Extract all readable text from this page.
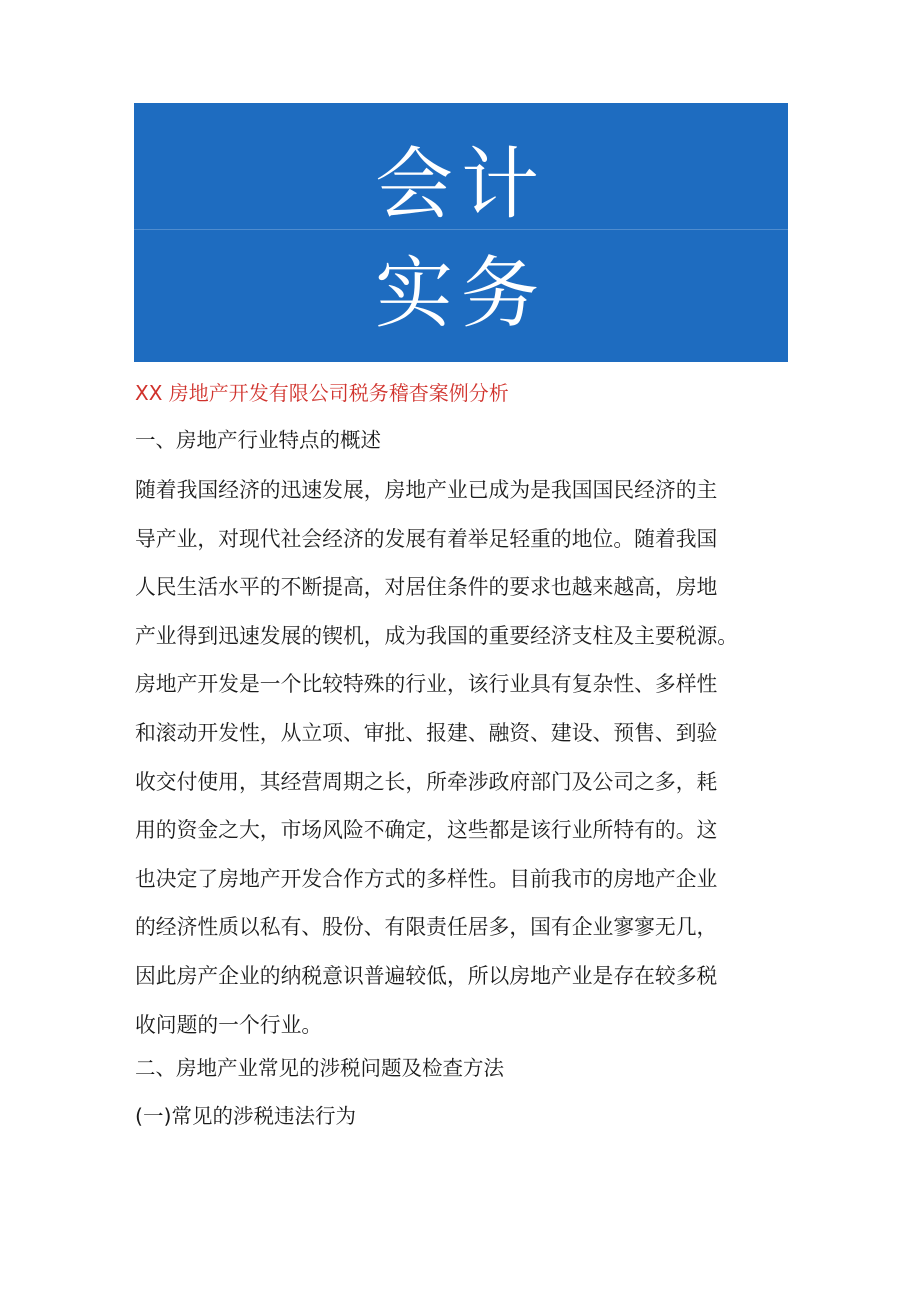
会计
实务
XX 房地产开发有限公司税务稽杳案例分析
一、房地产行业特点的概述
随着我国经济的迅速发展，房地产业已成为是我国国民经济的主
导产业，对现代社会经济的发展有着举足轻重的地位。随着我国
人民生活水平的不断提高，对居住条件的要求也越来越高，房地
产业得到迅速发展的锲机，成为我国的重要经济支柱及主要税源。
房地产开发是一个比较特殊的行业，该行业具有复杂性、多样性
和滚动开发性，从立项、审批、报建、融资、建设、预售、到验
收交付使用，其经营周期之长，所牵涉政府部门及公司之多，耗
用的资金之大，市场风险不确定，这些都是该行业所特有的。这
也决定了房地产开发合作方式的多样性。目前我市的房地产企业
的经济性质以私有、股份、有限责任居多，国有企业寥寥无几，
因此房产企业的纳税意识普遍较低，所以房地产业是存在较多税
收问题的一个行业。
二、房地产业常见的涉税问题及检查方法
(一)常见的涉税违法行为
